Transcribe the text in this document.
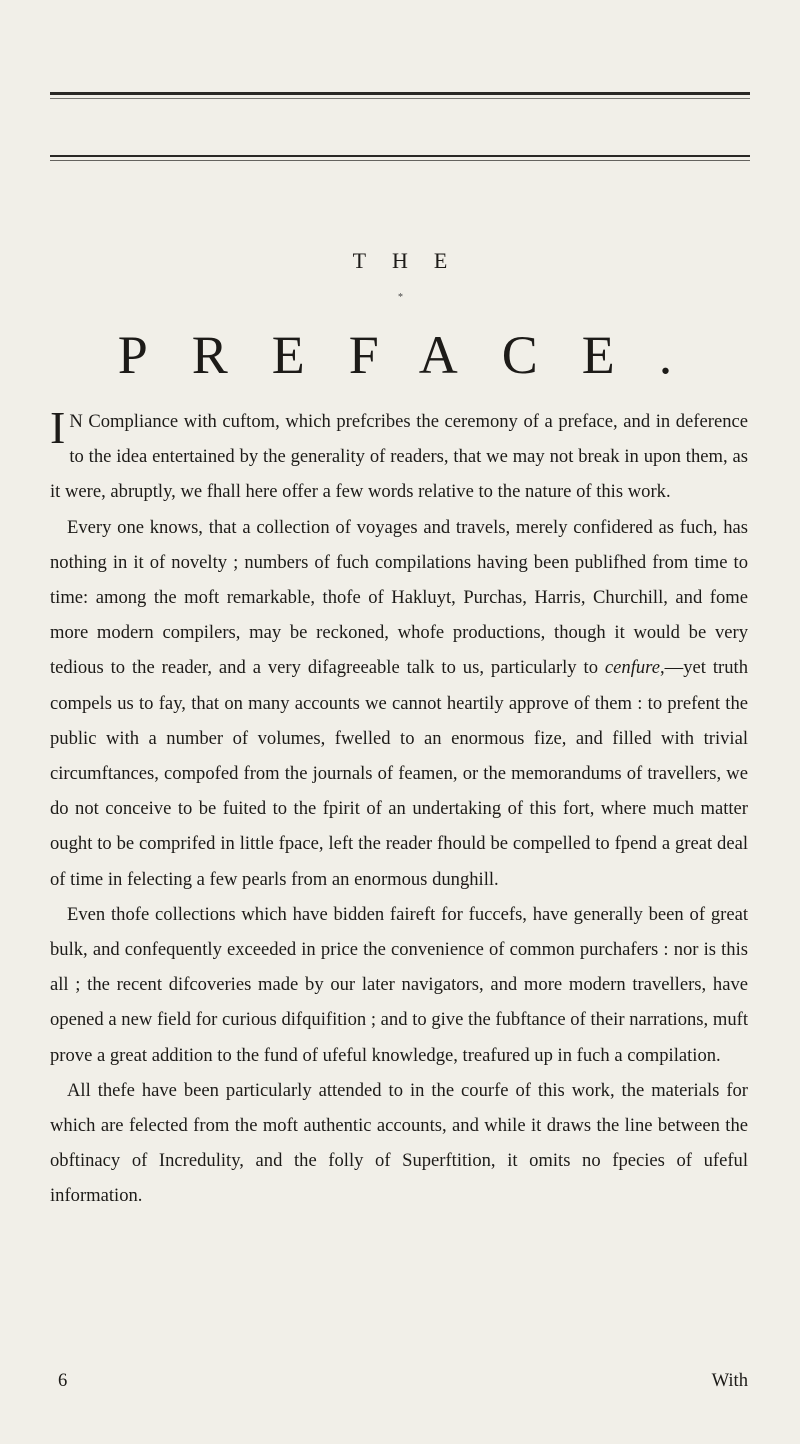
THE
*
PREFACE.

I N Compliance with cuftom, which prefcribes the ceremony of a preface, and in deference to the idea entertained by the generality of readers, that we may not break in upon them, as it were, abruptly, we fhall here offer a few words relative to the nature of this work.

Every one knows, that a collection of voyages and travels, merely confidered as fuch, has nothing in it of novelty ; numbers of fuch compilations having been publifhed from time to time: among the moft remarkable, thofe of Hakluyt, Purchas, Harris, Churchill, and fome more modern compilers, may be reckoned, whofe productions, though it would be very tedious to the reader, and a very difagreeable talk to us, particularly to cenfure,—yet truth compels us to fay, that on many accounts we cannot heartily approve of them : to prefent the public with a number of volumes, fwelled to an enormous fize, and filled with trivial circumftances, compofed from the journals of feamen, or the memorandums of travellers, we do not conceive to be fuited to the fpirit of an undertaking of this fort, where much matter ought to be comprifed in little fpace, left the reader fhould be compelled to fpend a great deal of time in felecting a few pearls from an enormous dunghill.

Even thofe collections which have bidden faireft for fuccefs, have generally been of great bulk, and confequently exceeded in price the convenience of common purchafers : nor is this all ; the recent difcoveries made by our later navigators, and more modern travellers, have opened a new field for curious difquifition ; and to give the fubftance of their narrations, muft prove a great addition to the fund of ufeful knowledge, treafured up in fuch a compilation.

All thefe have been particularly attended to in the courfe of this work, the materials for which are felected from the moft authentic accounts, and while it draws the line between the obftinacy of Incredulity, and the folly of Superftition, it omits no fpecies of ufeful information.

6	With
